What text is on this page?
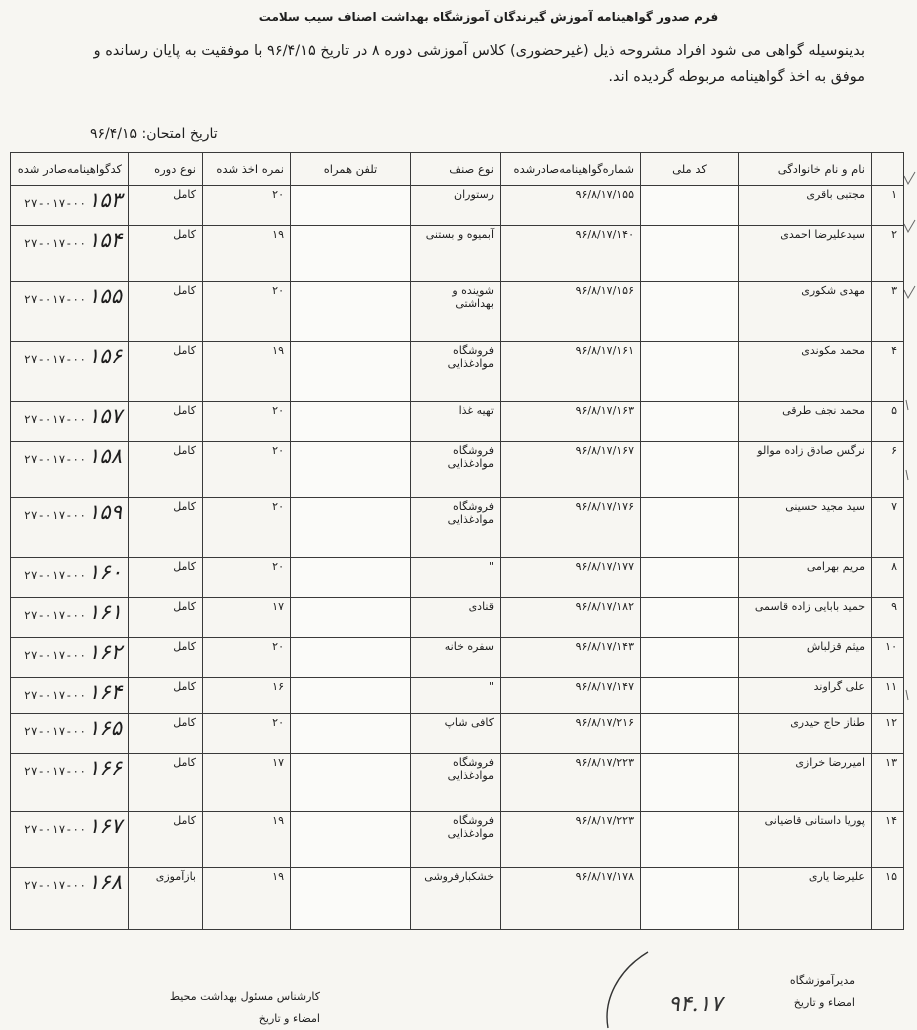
فرم صدور گواهینامه آموزش گیرندگان آموزشگاه بهداشت اصناف سیب سلامت
بدینوسیله گواهی می شود افراد مشروحه ذیل (غیرحضوری) کلاس آموزشی دوره ۸ در تاریخ ۹۶/۴/۱۵ با موفقیت به پایان رسانده و موفق به اخذ گواهینامه مربوطه گردیده اند.
تاریخ امتحان: ۹۶/۴/۱۵
	نام و نام خانوادگی	کد ملی	شماره‌گواهینامه‌صادرشده	نوع صنف	تلفن همراه	نمره اخذ شده	نوع دوره	کدگواهینامه‌صادر شده
۱	مجتبی باقری		۹۶/۸/۱۷/۱۵۵	رستوران		۲۰	کامل	۲۷-۰۱۷-۰۰۱۵۳
۲	سیدعلیرضا احمدی		۹۶/۸/۱۷/۱۴۰	آبمیوه و بستنی		۱۹	کامل	۲۷-۰۱۷-۰۰۱۵۴
۳	مهدی شکوری		۹۶/۸/۱۷/۱۵۶	شوینده و بهداشتی		۲۰	کامل	۲۷-۰۱۷-۰۰۱۵۵
۴	محمد مکوندی		۹۶/۸/۱۷/۱۶۱	فروشگاه موادغذایی		۱۹	کامل	۲۷-۰۱۷-۰۰۱۵۶
۵	محمد نجف طرقی		۹۶/۸/۱۷/۱۶۳	تهیه غذا		۲۰	کامل	۲۷-۰۱۷-۰۰۱۵۷
۶	نرگس صادق زاده موالو		۹۶/۸/۱۷/۱۶۷	فروشگاه موادغذایی		۲۰	کامل	۲۷-۰۱۷-۰۰۱۵۸
۷	سید مجید حسینی		۹۶/۸/۱۷/۱۷۶	فروشگاه موادغذایی		۲۰	کامل	۲۷-۰۱۷-۰۰۱۵۹
۸	مریم بهرامی		۹۶/۸/۱۷/۱۷۷	"		۲۰	کامل	۲۷-۰۱۷-۰۰۱۶۰
۹	حمید بابایی زاده قاسمی		۹۶/۸/۱۷/۱۸۲	قنادی		۱۷	کامل	۲۷-۰۱۷-۰۰۱۶۱
۱۰	میثم قزلباش		۹۶/۸/۱۷/۱۴۳	سفره خانه		۲۰	کامل	۲۷-۰۱۷-۰۰۱۶۲
۱۱	علی گراوند		۹۶/۸/۱۷/۱۴۷	"		۱۶	کامل	۲۷-۰۱۷-۰۰۱۶۴
۱۲	طناز حاج حیدری		۹۶/۸/۱۷/۲۱۶	کافی شاپ		۲۰	کامل	۲۷-۰۱۷-۰۰۱۶۵
۱۳	امیررضا خرازی		۹۶/۸/۱۷/۲۲۳	فروشگاه موادغذایی		۱۷	کامل	۲۷-۰۱۷-۰۰۱۶۶
۱۴	پوریا داستانی قاضیانی		۹۶/۸/۱۷/۲۲۳	فروشگاه موادغذایی		۱۹	کامل	۲۷-۰۱۷-۰۰۱۶۷
۱۵	علیرضا یاری		۹۶/۸/۱۷/۱۷۸	خشکبارفروشی		۱۹	بازآموزی	۲۷-۰۱۷-۰۰۱۶۸
مدیرآموزشگاه
امضاء و تاریخ
۹۴.۱۷
کارشناس مسئول بهداشت محیط
امضاء و تاریخ
